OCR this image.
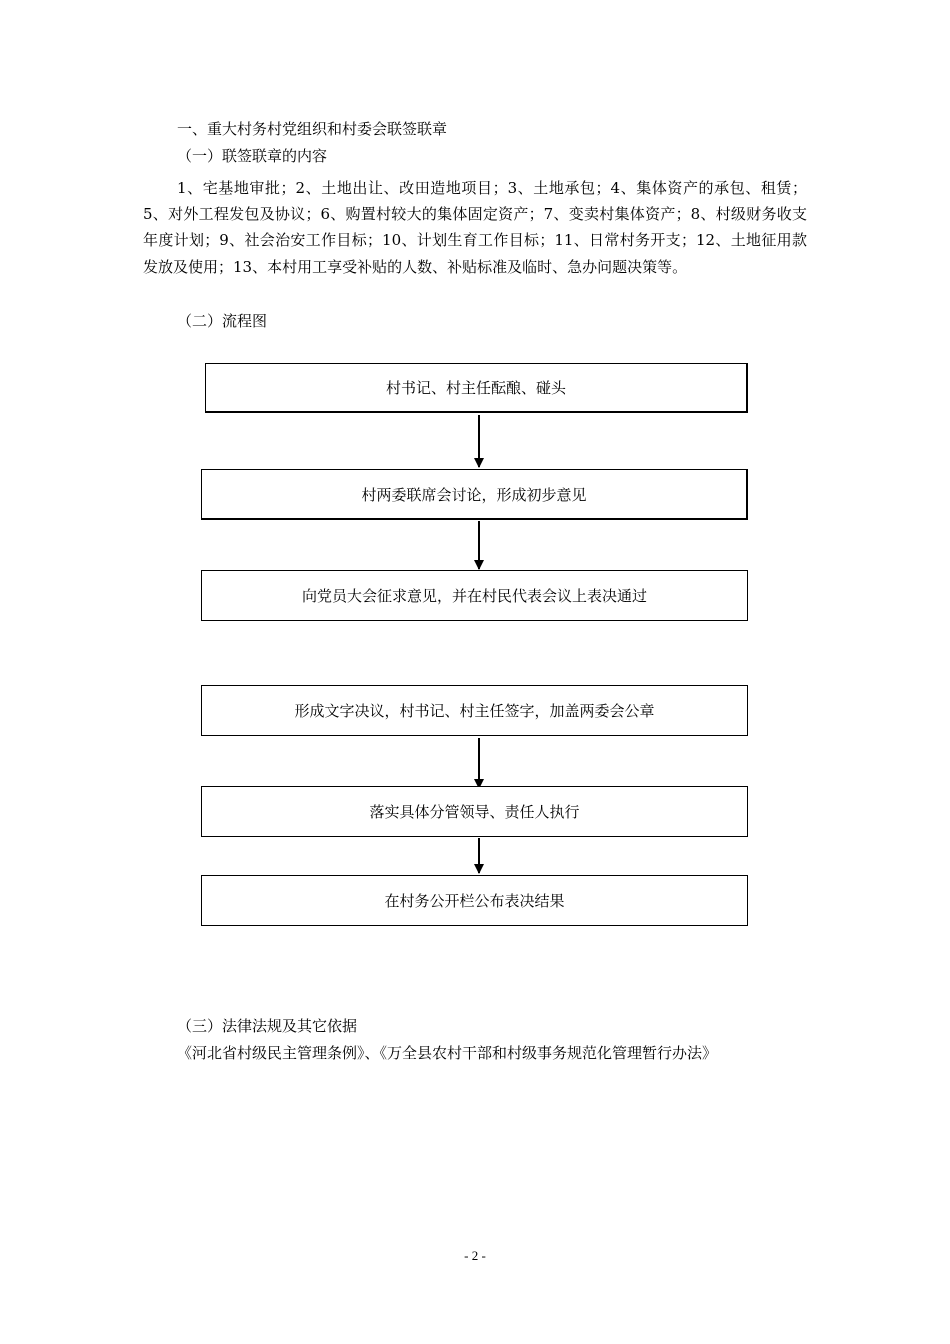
一、重大村务村党组织和村委会联签联章
（一）联签联章的内容
1、宅基地审批；2、土地出让、改田造地项目；3、土地承包；4、集体资产的承包、租赁；5、对外工程发包及协议；6、购置村较大的集体固定资产；7、变卖村集体资产；8、村级财务收支年度计划；9、社会治安工作目标；10、计划生育工作目标；11、日常村务开支；12、土地征用款发放及使用；13、本村用工享受补贴的人数、补贴标准及临时、急办问题决策等。
（二）流程图
村书记、村主任酝酿、碰头
村两委联席会讨论，形成初步意见
向党员大会征求意见，并在村民代表会议上表决通过
形成文字决议，村书记、村主任签字，加盖两委会公章
落实具体分管领导、责任人执行
在村务公开栏公布表决结果
（三）法律法规及其它依据
《河北省村级民主管理条例》、《万全县农村干部和村级事务规范化管理暂行办法》
- 2 -
